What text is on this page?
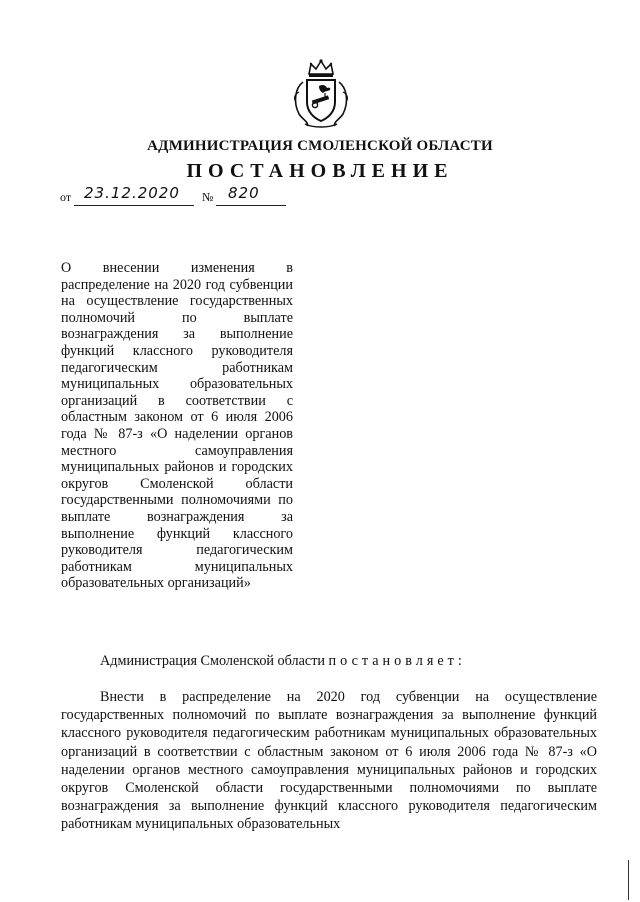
АДМИНИСТРАЦИЯ СМОЛЕНСКОЙ ОБЛАСТИ
ПОСТАНОВЛЕНИЕ
от 23.12.2020 № 820

О внесении изменения в распределение на 2020 год субвенции на осуществление государственных полномочий по выплате вознаграждения за выполнение функций классного руководителя педагогическим работникам муниципальных образовательных организаций в соответствии с областным законом от 6 июля 2006 года № 87-з «О наделении органов местного самоуправления муниципальных районов и городских округов Смоленской области государственными полномочиями по выплате вознаграждения за выполнение функций классного руководителя педагогическим работникам муниципальных образовательных организаций»

Администрация Смоленской области постановляет:

Внести в распределение на 2020 год субвенции на осуществление государственных полномочий по выплате вознаграждения за выполнение функций классного руководителя педагогическим работникам муниципальных образовательных организаций в соответствии с областным законом от 6 июля 2006 года № 87-з «О наделении органов местного самоуправления муниципальных районов и городских округов Смоленской области государственными полномочиями по выплате вознаграждения за выполнение функций классного руководителя педагогическим работникам муниципальных образовательных
